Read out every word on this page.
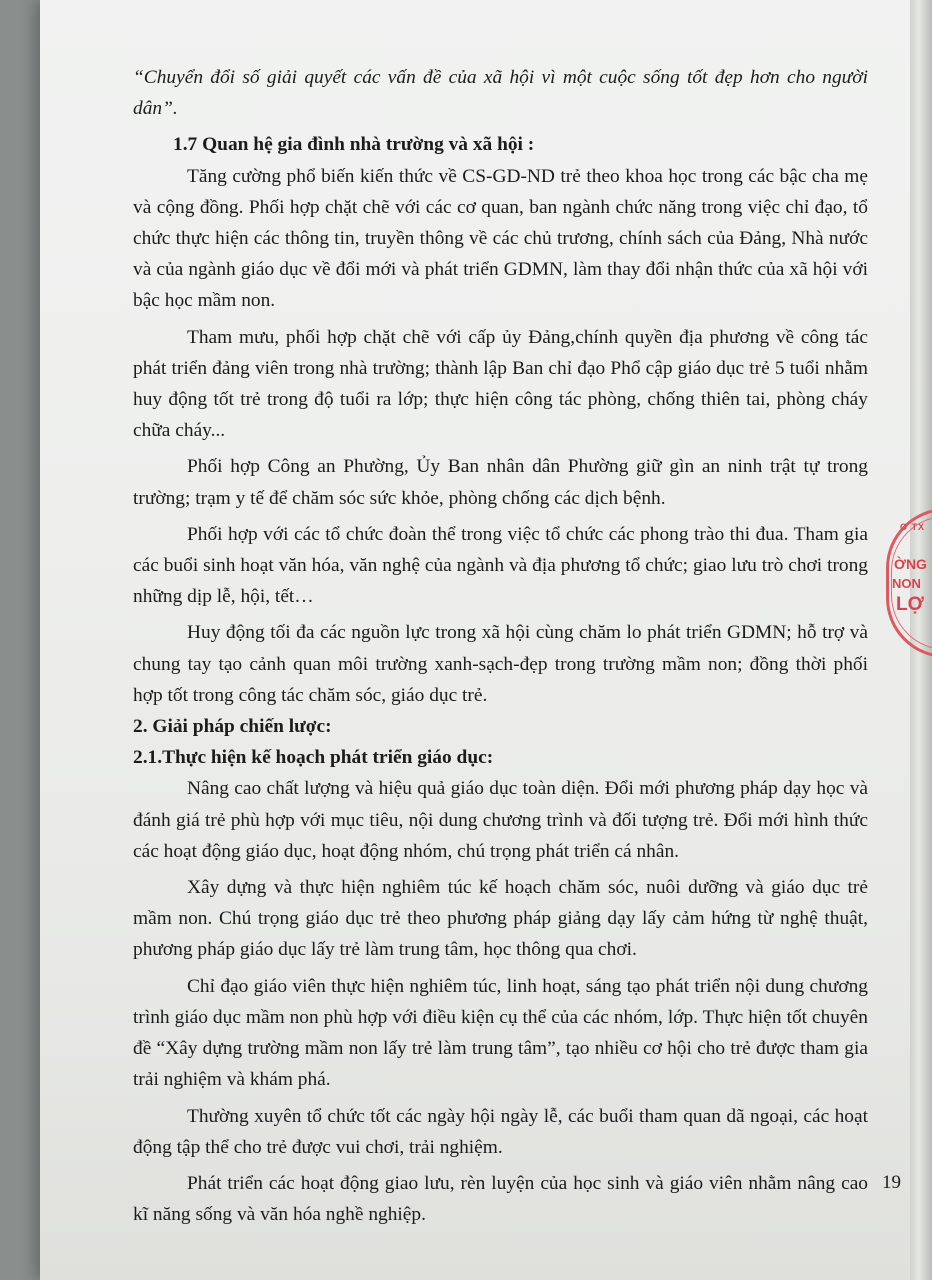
“Chuyển đổi số giải quyết các vấn đề của xã hội vì một cuộc sống tốt đẹp hơn cho người dân”.

1.7 Quan hệ gia đình nhà trường và xã hội :

Tăng cường phổ biến kiến thức về CS-GD-ND trẻ theo khoa học trong các bậc cha mẹ và cộng đồng. Phối hợp chặt chẽ với các cơ quan, ban ngành chức năng trong việc chỉ đạo, tổ chức thực hiện các thông tin, truyền thông về các chủ trương, chính sách của Đảng, Nhà nước và của ngành giáo dục về đổi mới và phát triển GDMN, làm thay đổi nhận thức của xã hội với bậc học mầm non.

Tham mưu, phối hợp chặt chẽ với cấp ủy Đảng,chính quyền địa phương về công tác phát triển đảng viên trong nhà trường; thành lập Ban chỉ đạo Phổ cập giáo dục trẻ 5 tuổi nhằm huy động tốt trẻ trong độ tuổi ra lớp; thực hiện công tác phòng, chống thiên tai, phòng cháy chữa cháy...

Phối hợp Công an Phường, Ủy Ban nhân dân Phường giữ gìn an ninh trật tự trong trường; trạm y tế để chăm sóc sức khỏe, phòng chống các dịch bệnh.

Phối hợp với các tổ chức đoàn thể trong việc tổ chức các phong trào thi đua. Tham gia các buổi sinh hoạt văn hóa, văn nghệ của ngành và địa phương tổ chức; giao lưu trò chơi trong những dịp lễ, hội, tết…

Huy động tối đa các nguồn lực trong xã hội cùng chăm lo phát triển GDMN; hỗ trợ và chung tay tạo cảnh quan môi trường xanh-sạch-đẹp trong trường mầm non; đồng thời phối hợp tốt trong công tác chăm sóc, giáo dục trẻ.

2. Giải pháp chiến lược:

2.1.Thực hiện kế hoạch phát triển giáo dục:

Nâng cao chất lượng và hiệu quả giáo dục toàn diện. Đổi mới phương pháp dạy học và đánh giá trẻ phù hợp với mục tiêu, nội dung chương trình và đối tượng trẻ. Đổi mới hình thức các hoạt động giáo dục, hoạt động nhóm, chú trọng phát triển cá nhân.

Xây dựng và thực hiện nghiêm túc kế hoạch chăm sóc, nuôi dưỡng và giáo dục trẻ mầm non. Chú trọng giáo dục trẻ theo phương pháp giảng dạy lấy cảm hứng từ nghệ thuật, phương pháp giáo dục lấy trẻ làm trung tâm, học thông qua chơi.

Chỉ đạo giáo viên thực hiện nghiêm túc, linh hoạt, sáng tạo phát triển nội dung chương trình giáo dục mầm non phù hợp với điều kiện cụ thể của các nhóm, lớp. Thực hiện tốt chuyên đề “Xây dựng trường mầm non lấy trẻ làm trung tâm”, tạo nhiều cơ hội cho trẻ được tham gia trải nghiệm và khám phá.

Thường xuyên tổ chức tốt các ngày hội ngày lễ, các buổi tham quan dã ngoại, các hoạt động tập thể cho trẻ được vui chơi, trải nghiệm.

Phát triển các hoạt động giao lưu, rèn luyện của học sinh và giáo viên nhằm nâng cao kĩ năng sống và văn hóa nghề nghiệp.

19
O TX
ỜNG
NON
LỢ
